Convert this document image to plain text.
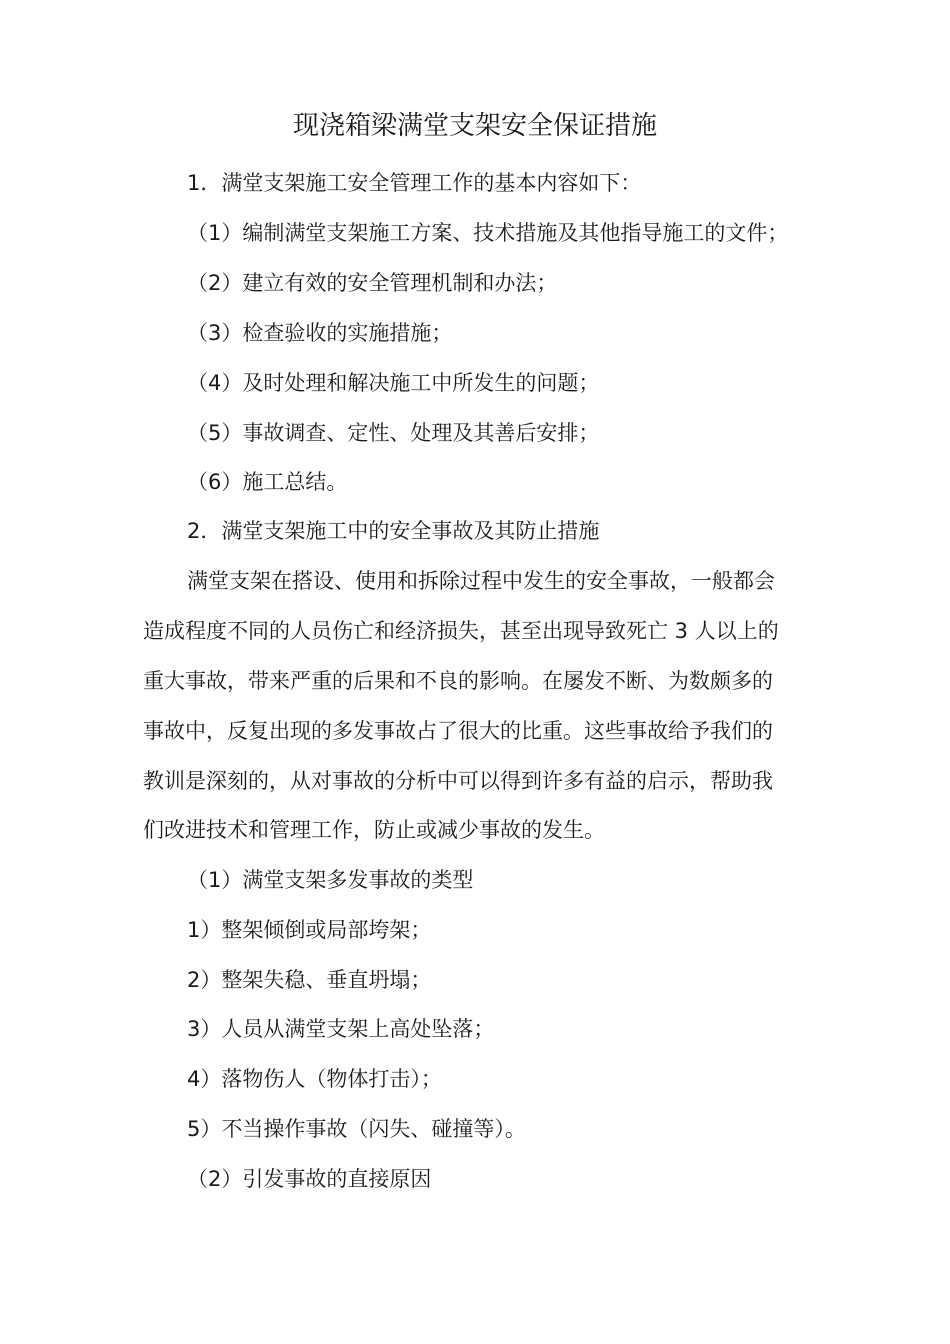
现浇箱梁满堂支架安全保证措施
1．满堂支架施工安全管理工作的基本内容如下：
（1）编制满堂支架施工方案、技术措施及其他指导施工的文件；
（2）建立有效的安全管理机制和办法；
（3）检查验收的实施措施；
（4）及时处理和解决施工中所发生的问题；
（5）事故调查、定性、处理及其善后安排；
（6）施工总结。
2．满堂支架施工中的安全事故及其防止措施
满堂支架在搭设、使用和拆除过程中发生的安全事故，一般都会
造成程度不同的人员伤亡和经济损失，甚至出现导致死亡 3 人以上的
重大事故，带来严重的后果和不良的影响。在屡发不断、为数颇多的
事故中，反复出现的多发事故占了很大的比重。这些事故给予我们的
教训是深刻的，从对事故的分析中可以得到许多有益的启示，帮助我
们改进技术和管理工作，防止或减少事故的发生。
（1）满堂支架多发事故的类型
1）整架倾倒或局部垮架；
2）整架失稳、垂直坍塌；
3）人员从满堂支架上高处坠落；
4）落物伤人（物体打击）；
5）不当操作事故（闪失、碰撞等）。
（2）引发事故的直接原因
